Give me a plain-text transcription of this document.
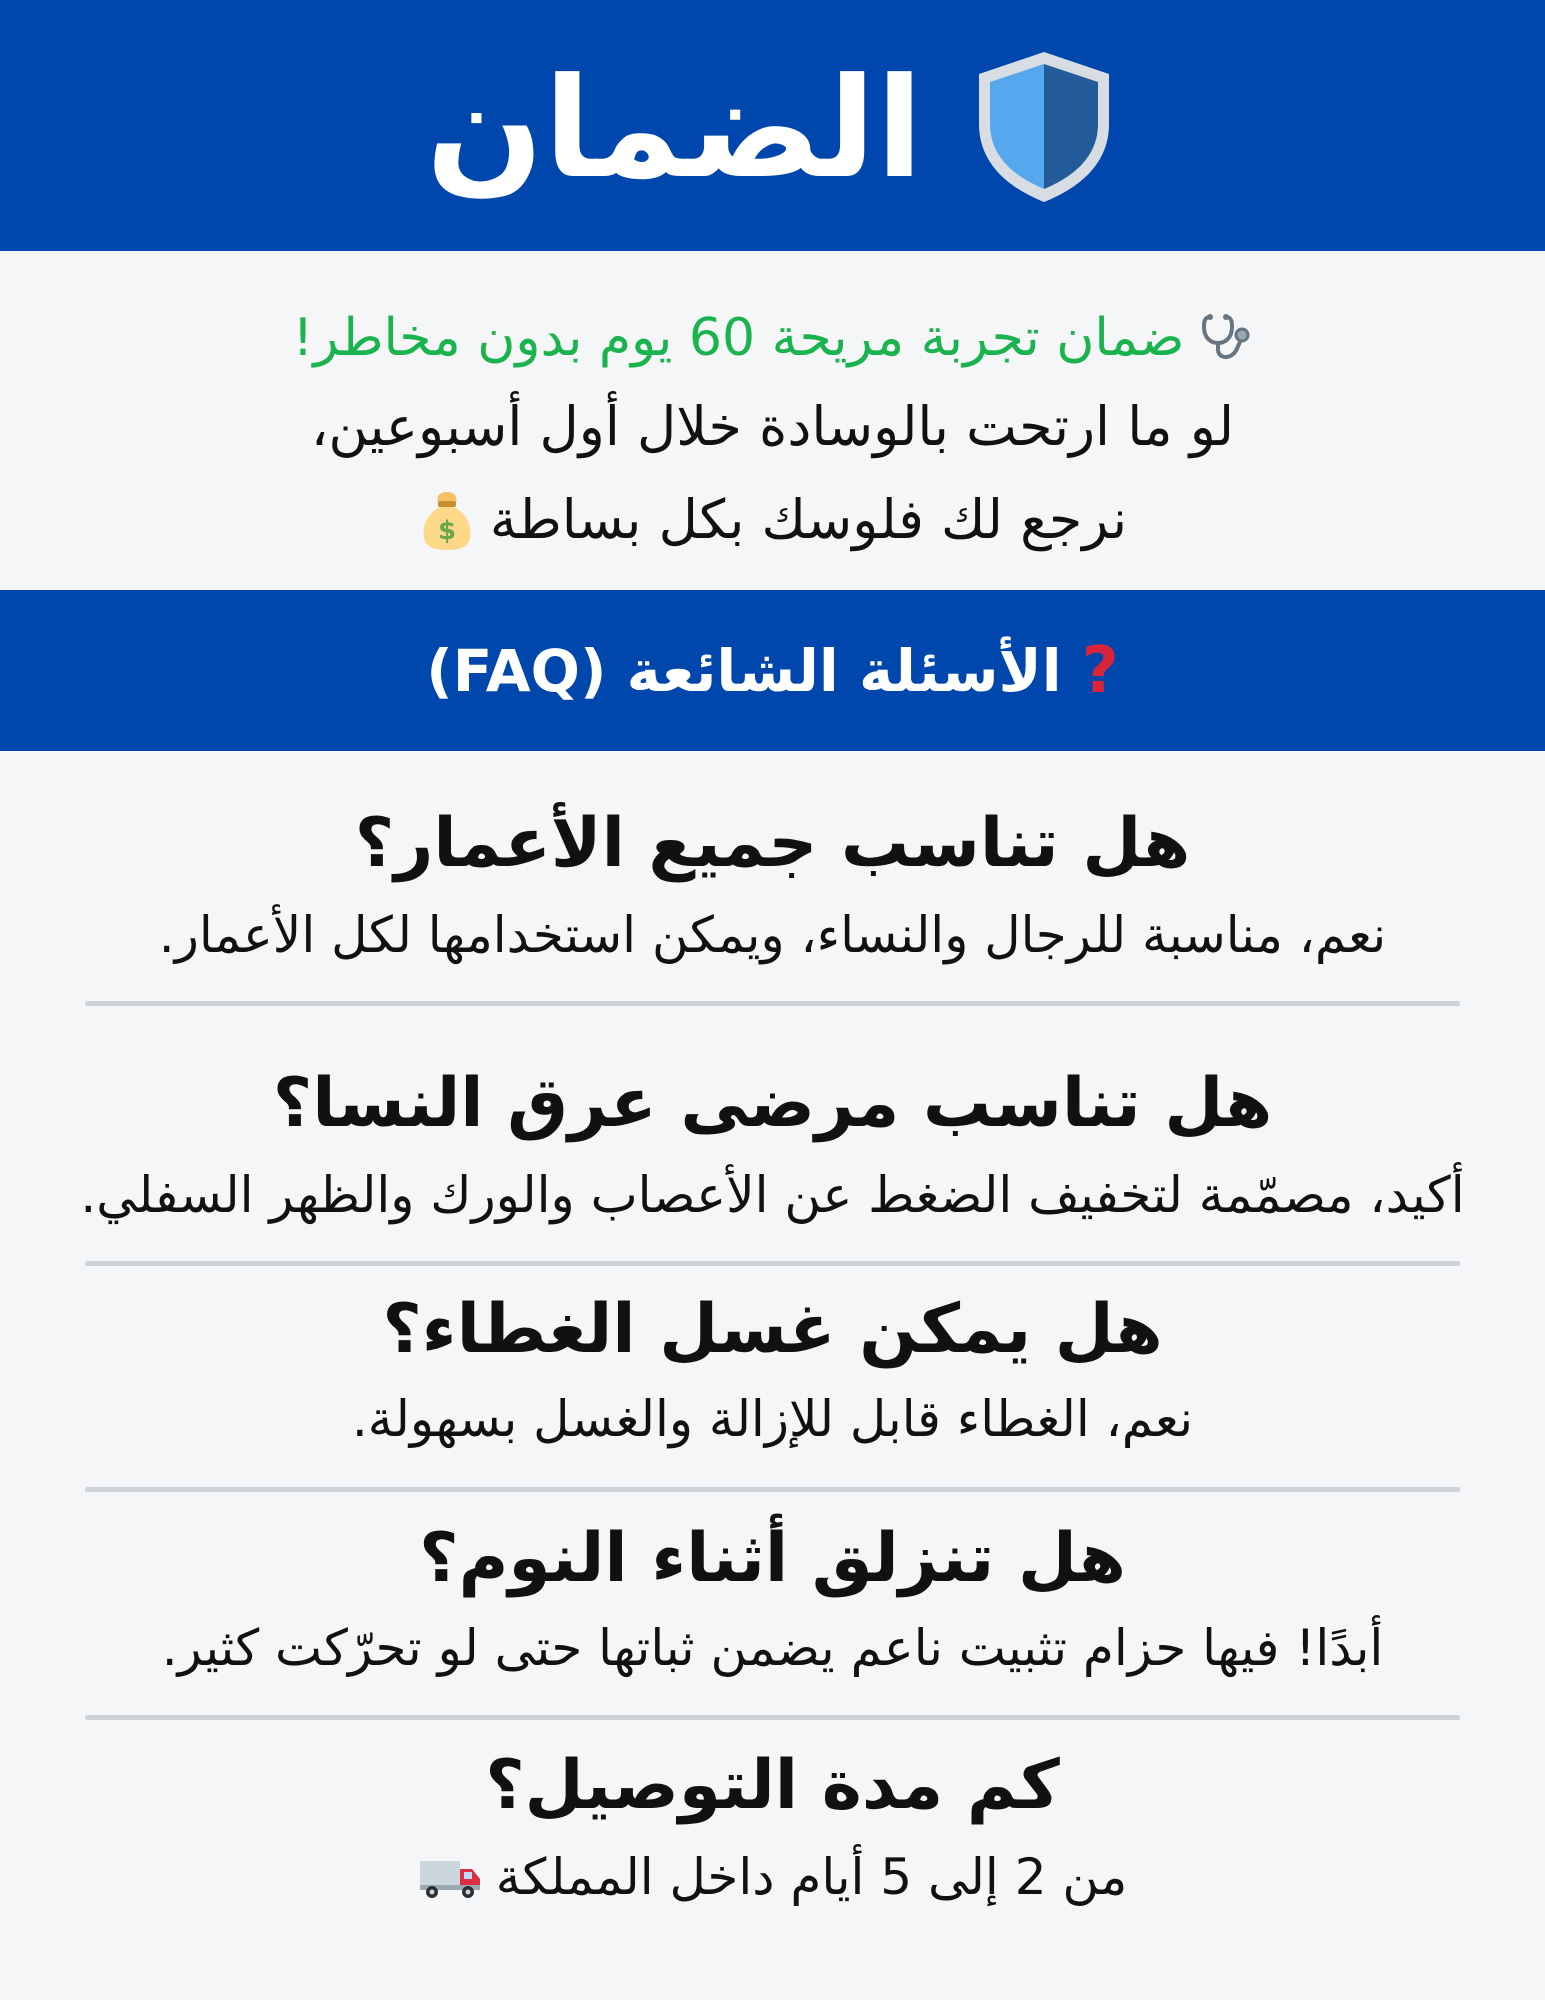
الضمان
ضمان تجربة مريحة 60 يوم بدون مخاطر!
لو ما ارتحت بالوسادة خلال أول أسبوعين،
نرجع لك فلوسك بكل بساطة
$
?
الأسئلة الشائعة (FAQ)
هل تناسب جميع الأعمار؟
نعم، مناسبة للرجال والنساء، ويمكن استخدامها لكل الأعمار.
هل تناسب مرضى عرق النسا؟
أكيد، مصمّمة لتخفيف الضغط عن الأعصاب والورك والظهر السفلي.
هل يمكن غسل الغطاء؟
نعم، الغطاء قابل للإزالة والغسل بسهولة.
هل تنزلق أثناء النوم؟
أبدًا! فيها حزام تثبيت ناعم يضمن ثباتها حتى لو تحرّكت كثير.
كم مدة التوصيل؟
من 2 إلى 5 أيام داخل المملكة
